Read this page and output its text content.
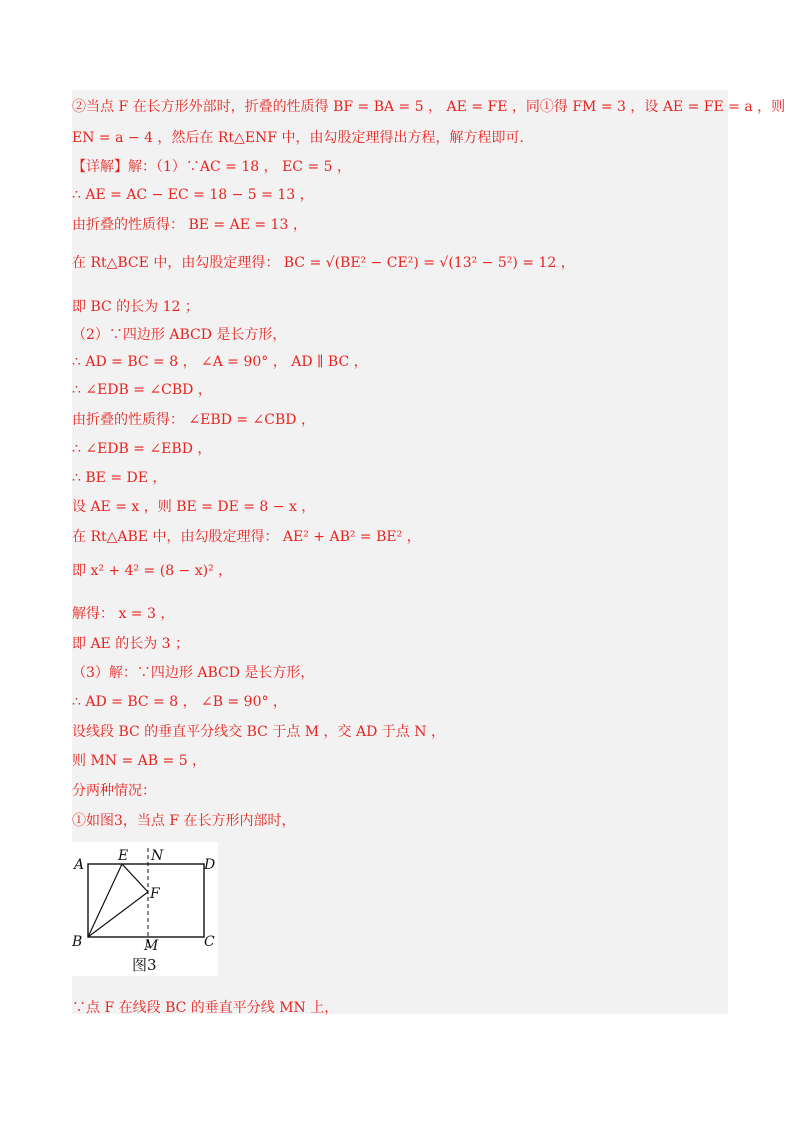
②当点 F 在长方形外部时，折叠的性质得 BF = BA = 5 ， AE = FE ，同①得 FM = 3 ，设 AE = FE = a ，则
EN = a − 4 ，然后在 Rt△ENF 中，由勾股定理得出方程，解方程即可.
【详解】解：（1）∵AC = 18 ， EC = 5 ，
∴ AE = AC − EC = 18 − 5 = 13 ，
由折叠的性质得： BE = AE = 13 ，
在 Rt△BCE 中，由勾股定理得： BC = √(BE² − CE²) = √(13² − 5²) = 12 ，
即 BC 的长为 12 ；
（2）∵四边形 ABCD 是长方形，
∴ AD = BC = 8 ， ∠A = 90° ， AD ∥ BC ，
∴ ∠EDB = ∠CBD ，
由折叠的性质得： ∠EBD = ∠CBD ，
∴ ∠EDB = ∠EBD ，
∴ BE = DE ，
设 AE = x ，则 BE = DE = 8 − x ，
在 Rt△ABE 中，由勾股定理得： AE² + AB² = BE² ，
即 x² + 4² = (8 − x)² ，
解得： x = 3 ，
即 AE 的长为 3 ；
（3）解：∵四边形 ABCD 是长方形，
∴ AD = BC = 8 ， ∠B = 90° ，
设线段 BC 的垂直平分线交 BC 于点 M ，交 AD 于点 N ，
则 MN = AB = 5 ，
分两种情况：
①如图3，当点 F 在长方形内部时，
A
E N
D
F
B	M	C
图3
∵点 F 在线段 BC 的垂直平分线 MN 上，
